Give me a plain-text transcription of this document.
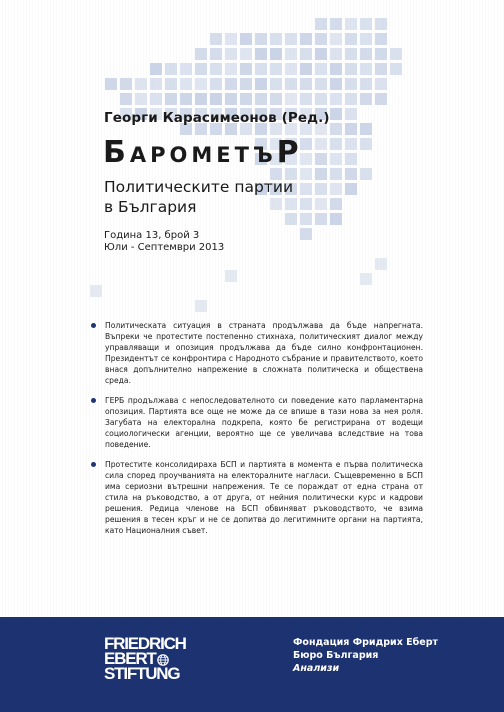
Георги Карасимеонов (Ред.)
БАРОМЕТЪР
Политическите партии
в България
Година 13, брой 3
Юли - Септември 2013
Политическата ситуация в страната продължава да бъде напрегната. Въпреки че протестите постепенно стихнаха, политическият диалог между управляващи и опозиция продължава да бъде силно конфронтационен. Президентът се конфронтира с Народното събрание и правителството, което внася допълнително напрежение в сложната политическа и обществена среда.
ГЕРБ продължава с непоследователното си поведение като парламентарна опозиция. Партията все още не може да се впише в тази нова за нея роля. Загубата на електорална подкрепа, която бе регистрирана от водещи социологически агенции, вероятно ще се увеличава вследствие на това поведение.
Протестите консолидираха БСП и партията в момента е първа политическа сила според проучванията на електоралните нагласи. Същевременно в БСП има сериозни вътрешни напрежения. Те се пораждат от една страна от стила на ръководство, а от друга, от нейния политически курс и кадрови решения. Редица членове на БСП обвиняват ръководството, че взима решения в тесен кръг и не се допитва до легитимните органи на партията, като Националния съвет.
FRIEDRICH
EBERT
STIFTUNG
Фондация Фридрих Еберт
Бюро България
Анализи
